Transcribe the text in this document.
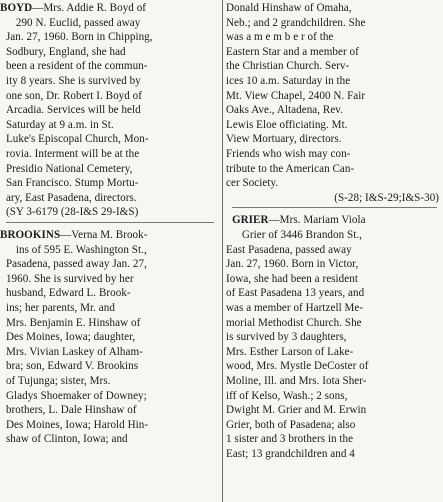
BOYD—Mrs. Addie R. Boyd of
290 N. Euclid, passed away
Jan. 27, 1960. Born in Chipping,
Sodbury, England, she had
been a resident of the commun-
ity 8 years. She is survived by
one son, Dr. Robert I. Boyd of
Arcadia. Services will be held
Saturday at 9 a.m. in St.
Luke's Episcopal Church, Mon-
rovia. Interment will be at the
Presidio National Cemetery,
San Francisco. Stump Mortu-
ary, East Pasadena, directors.
(SY 3-6179 (28-I&S 29-I&S)
BROOKINS—Verna M. Brook-
ins of 595 E. Washington St.,
Pasadena, passed away Jan. 27,
1960. She is survived by her
husband, Edward L. Brook-
ins; her parents, Mr. and
Mrs. Benjamin E. Hinshaw of
Des Moines, Iowa; daughter,
Mrs. Vivian Laskey of Alham-
bra; son, Edward V. Brookins
of Tujunga; sister, Mrs.
Gladys Shoemaker of Downey;
brothers, L. Dale Hinshaw of
Des Moines, Iowa; Harold Hin-
shaw of Clinton, Iowa; and
Donald Hinshaw of Omaha,
Neb.; and 2 grandchildren. She
was a m e m b e r of the
Eastern Star and a member of
the Christian Church. Serv-
ices 10 a.m. Saturday in the
Mt. View Chapel, 2400 N. Fair
Oaks Ave., Altadena, Rev.
Lewis Eloe officiating. Mt.
View Mortuary, directors.
Friends who wish may con-
tribute to the American Can-
cer Society.
(S-28; I&S-29;I&S-30)
GRIER—Mrs. Mariam Viola
Grier of 3446 Brandon St.,
East Pasadena, passed away
Jan. 27, 1960. Born in Victor,
Iowa, she had been a resident
of East Pasadena 13 years, and
was a member of Hartzell Me-
morial Methodist Church. She
is survived by 3 daughters,
Mrs. Esther Larson of Lake-
wood, Mrs. Mystle DeCoster of
Moline, Ill. and Mrs. Iota Sher-
iff of Kelso, Wash.; 2 sons,
Dwight M. Grier and M. Erwin
Grier, both of Pasadena; also
1 sister and 3 brothers in the
East; 13 grandchildren and 4
